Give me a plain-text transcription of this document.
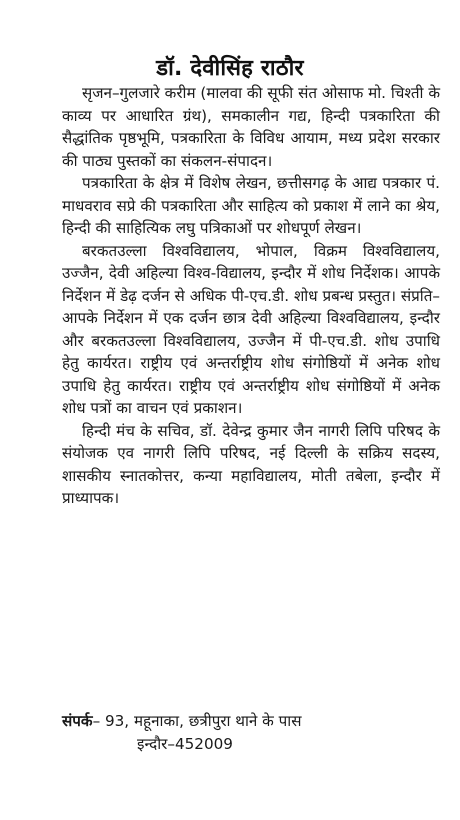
डॉ. देवीसिंह राठौर

सृजन–गुलजारे करीम (मालवा की सूफी संत ओसाफ मो. चिश्ती के काव्य पर आधारित ग्रंथ), समकालीन गद्य, हिन्दी पत्रकारिता की सैद्धांतिक पृष्ठभूमि, पत्रकारिता के विविध आयाम, मध्य प्रदेश सरकार की पाठ्य पुस्तकों का संकलन-संपादन।

पत्रकारिता के क्षेत्र में विशेष लेखन, छत्तीसगढ़ के आद्य पत्रकार पं. माधवराव सप्रे की पत्रकारिता और साहित्य को प्रकाश में लाने का श्रेय, हिन्दी की साहित्यिक लघु पत्रिकाओं पर शोधपूर्ण लेखन।

बरकतउल्ला विश्वविद्यालय, भोपाल, विक्रम विश्वविद्यालय, उज्जैन, देवी अहिल्या विश्व-विद्यालय, इन्दौर में शोध निर्देशक। आपके निर्देशन में डेढ़ दर्जन से अधिक पी-एच.डी. शोध प्रबन्ध प्रस्तुत। संप्रति–आपके निर्देशन में एक दर्जन छात्र देवी अहिल्या विश्वविद्यालय, इन्दौर और बरकतउल्ला विश्वविद्यालय, उज्जैन में पी-एच.डी. शोध उपाधि हेतु कार्यरत। राष्ट्रीय एवं अन्तर्राष्ट्रीय शोध संगोष्ठियों में अनेक शोध उपाधि हेतु कार्यरत। राष्ट्रीय एवं अन्तर्राष्ट्रीय शोध संगोष्ठियों में अनेक शोध पत्रों का वाचन एवं प्रकाशन।

हिन्दी मंच के सचिव, डॉ. देवेन्द्र कुमार जैन नागरी लिपि परिषद के संयोजक एव नागरी लिपि परिषद, नई दिल्ली के सक्रिय सदस्य, शासकीय स्नातकोत्तर, कन्या महाविद्यालय, मोती तबेला, इन्दौर में प्राध्यापक।

संपर्क– 93, महूनाका, छत्रीपुरा थाने के पास
इन्दौर–452009
